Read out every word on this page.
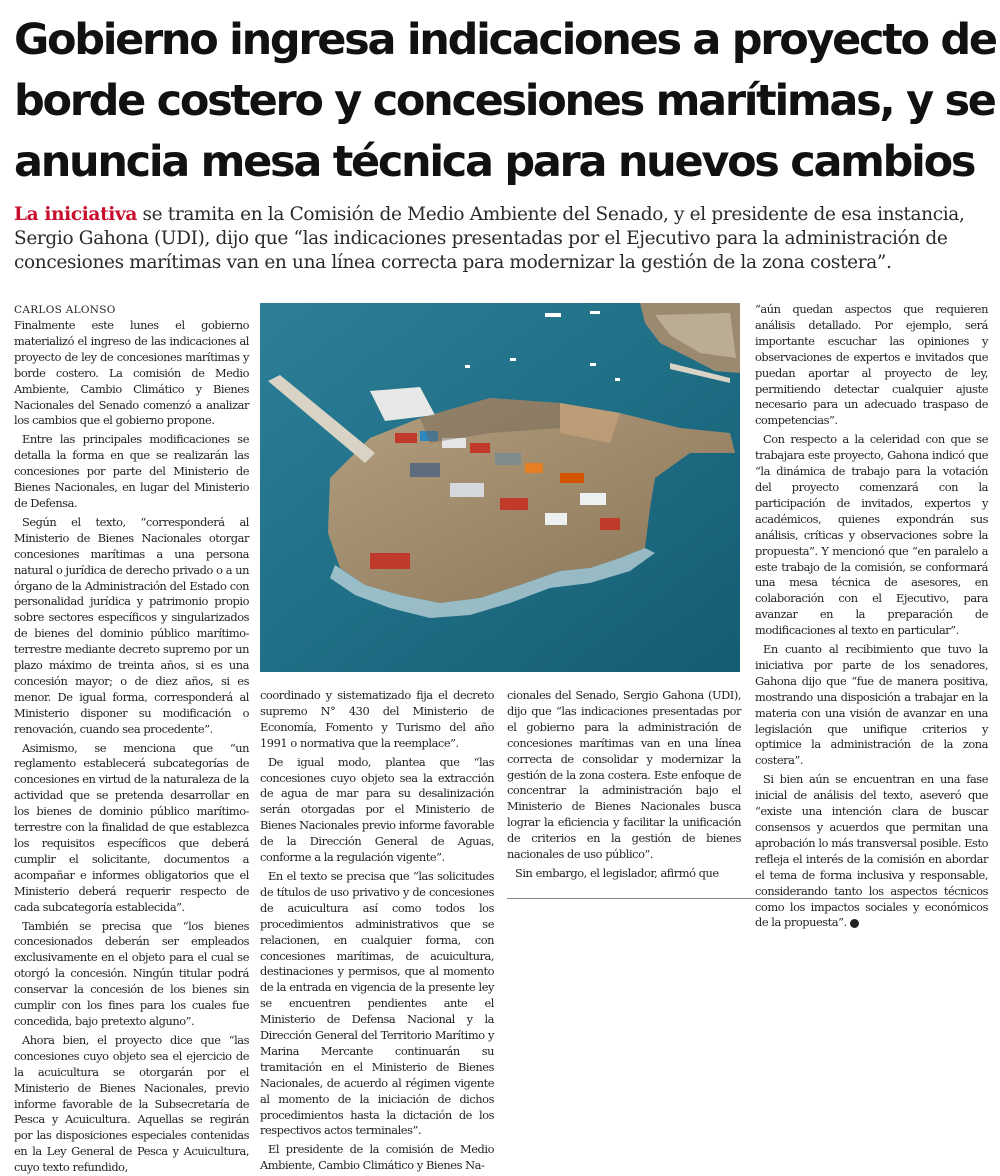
Gobierno ingresa indicaciones a proyecto de
borde costero y concesiones marítimas, y se
anuncia mesa técnica para nuevos cambios
La iniciativa se tramita en la Comisión de Medio Ambiente del Senado, y el presidente de esa instancia,
Sergio Gahona (UDI), dijo que “las indicaciones presentadas por el Ejecutivo para la administración de
concesiones marítimas van en una línea correcta para modernizar la gestión de la zona costera”.
CARLOS ALONSO

Finalmente este lunes el gobierno materializó el ingreso de las indicaciones al proyecto de ley de concesiones marítimas y borde costero. La comisión de Medio Ambiente, Cambio Climático y Bienes Nacionales del Senado comenzó a analizar los cambios que el gobierno propone.

Entre las principales modificaciones se detalla la forma en que se realizarán las concesiones por parte del Ministerio de Bienes Nacionales, en lugar del Ministerio de Defensa.

Según el texto, “corresponderá al Ministerio de Bienes Nacionales otorgar concesiones marítimas a una persona natural o jurídica de derecho privado o a un órgano de la Administración del Estado con personalidad jurídica y patrimonio propio sobre sectores específicos y singularizados de bienes del dominio público marítimo-terrestre mediante decreto supremo por un plazo máximo de treinta años, si es una concesión mayor; o de diez años, si es menor. De igual forma, corresponderá al Ministerio disponer su modificación o renovación, cuando sea procedente”.

Asimismo, se menciona que “un reglamento establecerá subcategorías de concesiones en virtud de la naturaleza de la actividad que se pretenda desarrollar en los bienes de dominio público marítimo-terrestre con la finalidad de que establezca los requisitos específicos que deberá cumplir el solicitante, documentos a acompañar e informes obligatorios que el Ministerio deberá requerir respecto de cada subcategoría establecida”.

También se precisa que “los bienes concesionados deberán ser empleados exclusivamente en el objeto para el cual se otorgó la concesión. Ningún titular podrá conservar la concesión de los bienes sin cumplir con los fines para los cuales fue concedida, bajo pretexto alguno”.

Ahora bien, el proyecto dice que “las concesiones cuyo objeto sea el ejercicio de la acuicultura se otorgarán por el Ministerio de Bienes Nacionales, previo informe favorable de la Subsecretaría de Pesca y Acuicultura. Aquellas se regirán por las disposiciones especiales contenidas en la Ley General de Pesca y Acuicultura, cuyo texto refundido,

coordinado y sistematizado fija el decreto supremo N° 430 del Ministerio de Economía, Fomento y Turismo del año 1991 o normativa que la reemplace”.

De igual modo, plantea que “las concesiones cuyo objeto sea la extracción de agua de mar para su desalinización serán otorgadas por el Ministerio de Bienes Nacionales previo informe favorable de la Dirección General de Aguas, conforme a la regulación vigente”.

En el texto se precisa que “las solicitudes de títulos de uso privativo y de concesiones de acuicultura así como todos los procedimientos administrativos que se relacionen, en cualquier forma, con concesiones marítimas, de acuicultura, destinaciones y permisos, que al momento de la entrada en vigencia de la presente ley se encuentren pendientes ante el Ministerio de Defensa Nacional y la Dirección General del Territorio Marítimo y Marina Mercante continuarán su tramitación en el Ministerio de Bienes Nacionales, de acuerdo al régimen vigente al momento de la iniciación de dichos procedimientos hasta la dictación de los respectivos actos terminales”.

El presidente de la comisión de Medio Ambiente, Cambio Climático y Bienes Na-

cionales del Senado, Sergio Gahona (UDI), dijo que “las indicaciones presentadas por el gobierno para la administración de concesiones marítimas van en una línea correcta de consolidar y modernizar la gestión de la zona costera. Este enfoque de concentrar la administración bajo el Ministerio de Bienes Nacionales busca lograr la eficiencia y facilitar la unificación de criterios en la gestión de bienes nacionales de uso público”.

Sin embargo, el legislador, afirmó que

“aún quedan aspectos que requieren análisis detallado. Por ejemplo, será importante escuchar las opiniones y observaciones de expertos e invitados que puedan aportar al proyecto de ley, permitiendo detectar cualquier ajuste necesario para un adecuado traspaso de competencias”.

Con respecto a la celeridad con que se trabajara este proyecto, Gahona indicó que “la dinámica de trabajo para la votación del proyecto comenzará con la participación de invitados, expertos y académicos, quienes expondrán sus análisis, críticas y observaciones sobre la propuesta”. Y mencionó que “en paralelo a este trabajo de la comisión, se conformará una mesa técnica de asesores, en colaboración con el Ejecutivo, para avanzar en la preparación de modificaciones al texto en particular”.

En cuanto al recibimiento que tuvo la iniciativa por parte de los senadores, Gahona dijo que “fue de manera positiva, mostrando una disposición a trabajar en la materia con una visión de avanzar en una legislación que unifique criterios y optimice la administración de la zona costera”.

Si bien aún se encuentran en una fase inicial de análisis del texto, aseveró que “existe una intención clara de buscar consensos y acuerdos que permitan una aprobación lo más transversal posible. Esto refleja el interés de la comisión en abordar el tema de forma inclusiva y responsable, considerando tanto los aspectos técnicos como los impactos sociales y económicos de la propuesta”.
